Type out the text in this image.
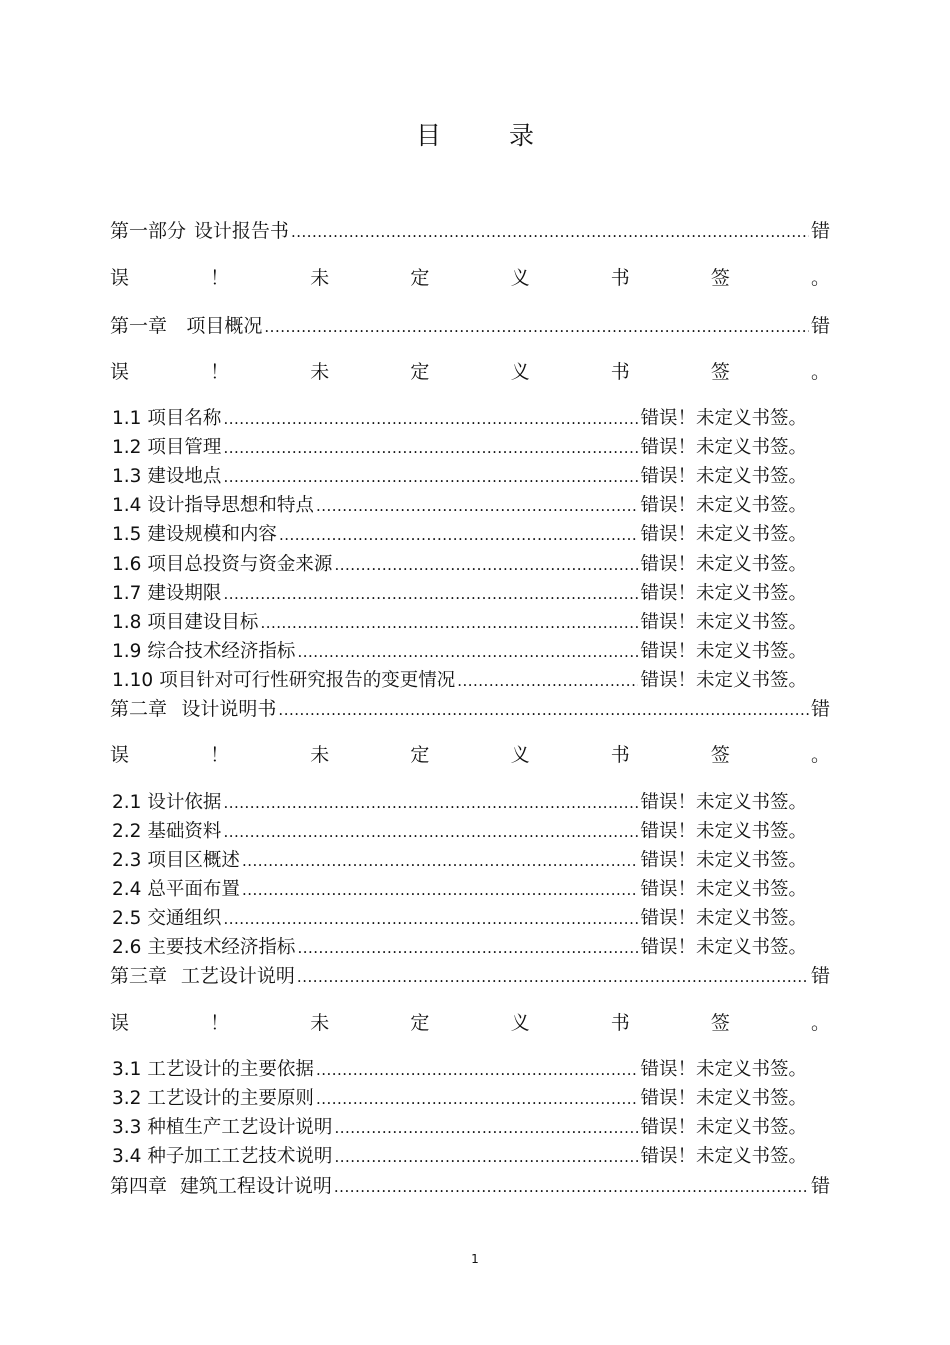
目 录
第一部分 设计报告书 .....	错
误	！	未	定	义	书	签	。
第一章 项目概况 .....	错
误	！	未	定	义	书	签	。
1.1 项目名称 .....	错误！未定义书签。
1.2 项目管理 .....	错误！未定义书签。
1.3 建设地点 .....	错误！未定义书签。
1.4 设计指导思想和特点 .....	错误！未定义书签。
1.5 建设规模和内容 .....	错误！未定义书签。
1.6 项目总投资与资金来源 .....	错误！未定义书签。
1.7 建设期限 .....	错误！未定义书签。
1.8 项目建设目标 .....	错误！未定义书签。
1.9 综合技术经济指标 .....	错误！未定义书签。
1.10 项目针对可行性研究报告的变更情况 .....	错误！未定义书签。
第二章 设计说明书 .....	错
误	！	未	定	义	书	签	。
2.1 设计依据 .....	错误！未定义书签。
2.2 基础资料 .....	错误！未定义书签。
2.3 项目区概述 .....	错误！未定义书签。
2.4 总平面布置 .....	错误！未定义书签。
2.5 交通组织 .....	错误！未定义书签。
2.6 主要技术经济指标 .....	错误！未定义书签。
第三章 工艺设计说明 .....	错
误	！	未	定	义	书	签	。
3.1 工艺设计的主要依据 .....	错误！未定义书签。
3.2 工艺设计的主要原则 .....	错误！未定义书签。
3.3 种植生产工艺设计说明 .....	错误！未定义书签。
3.4 种子加工工艺技术说明 .....	错误！未定义书签。
第四章 建筑工程设计说明 .....	错
1
